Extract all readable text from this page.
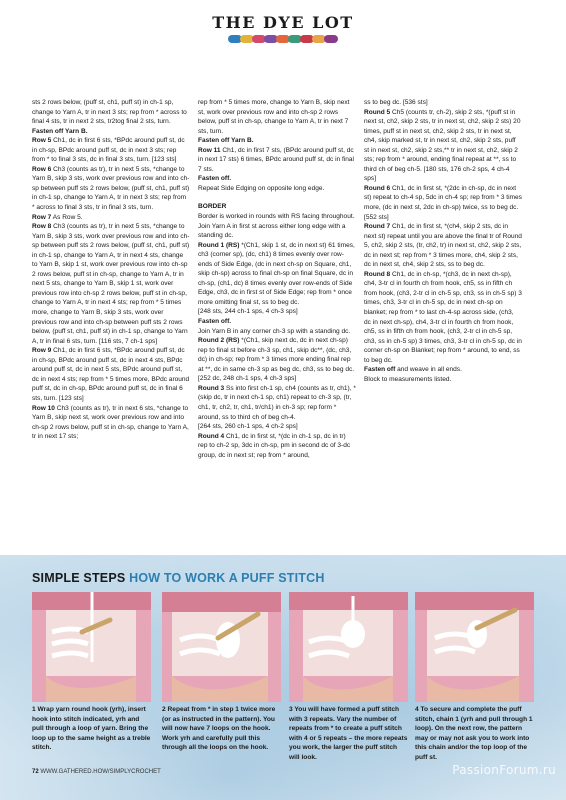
THE DYE LOT

sts 2 rows below, (puff st, ch1, puff st) in ch-1 sp, change to Yarn A, tr in next 3 sts; rep from * across to final 4 sts, tr in next 2 sts, tr2tog final 2 sts, turn.

Fasten off Yarn B.

Row 5 Ch1, dc in first 6 sts, *BPdc around puff st, dc in ch-sp, BPdc around puff st, dc in next 3 sts; rep from * to final 3 sts, dc in final 3 sts, turn. [123 sts]

Row 6 Ch3 (counts as tr), tr in next 5 sts, *change to Yarn B, skip 3 sts, work over previous row and into ch-sp between puff sts 2 rows below, (puff st, ch1, puff st) in ch-1 sp, change to Yarn A, tr in next 3 sts; rep from * across to final 3 sts, tr in final 3 sts, turn.

Row 7 As Row 5.

Row 8 Ch3 (counts as tr), tr in next 5 sts, *change to Yarn B, skip 3 sts, work over previous row and into ch-sp between puff sts 2 rows below, (puff st, ch1, puff st) in ch-1 sp, change to Yarn A, tr in next 4 sts, change to Yarn B, skip 1 st, work over previous row into ch-sp 2 rows below, puff st in ch-sp, change to Yarn A, tr in next 5 sts, change to Yarn B, skip 1 st, work over previous row into ch-sp 2 rows below, puff st in ch-sp, change to Yarn A, tr in next 4 sts; rep from * 5 times more, change to Yarn B, skip 3 sts, work over previous row and into ch-sp between puff sts 2 rows below, (puff st, ch1, puff st) in ch-1 sp, change to Yarn A, tr in final 6 sts, turn. [116 sts, 7 ch-1 sps]

Row 9 Ch1, dc in first 6 sts, *BPdc around puff st, dc in ch-sp, BPdc around puff st, dc in next 4 sts, BPdc around puff st, dc in next 5 sts, BPdc around puff st, dc in next 4 sts; rep from * 5 times more, BPdc around puff st, dc in ch-sp, BPdc around puff st, dc in final 6 sts, turn. [123 sts]

Row 10 Ch3 (counts as tr), tr in next 6 sts, *change to Yarn B, skip next st, work over previous row and into ch-sp 2 rows below, puff st in ch-sp, change to Yarn A, tr in next 17 sts;

rep from * 5 times more, change to Yarn B, skip next st, work over previous row and into ch-sp 2 rows below, puff st in ch-sp, change to Yarn A, tr in next 7 sts, turn.

Fasten off Yarn B.

Row 11 Ch1, dc in first 7 sts, (BPdc around puff st, dc in next 17 sts) 6 times, BPdc around puff st, dc in final 7 sts.

Fasten off.

Repeat Side Edging on opposite long edge.

BORDER

Border is worked in rounds with RS facing throughout.

Join Yarn A in first st across either long edge with a standing dc.

Round 1 (RS) *(Ch1, skip 1 st, dc in next st) 61 times, ch3 (corner sp), (dc, ch1) 8 times evenly over row-ends of Side Edge, (dc in next ch-sp on Square, ch1, skip ch-sp) across to final ch-sp on final Square, dc in ch-sp, (ch1, dc) 8 times evenly over row-ends of Side Edge, ch3, dc in first st of Side Edge; rep from * once more omitting final st, ss to beg dc.

[248 sts, 244 ch-1 sps, 4 ch-3 sps]

Fasten off.

Join Yarn B in any corner ch-3 sp with a standing dc.

Round 2 (RS) *(Ch1, skip next dc, dc in next ch-sp) rep to final st before ch-3 sp, ch1, skip dc**, (dc, ch3, dc) in ch-sp; rep from * 3 times more ending final rep at **, dc in same ch-3 sp as beg dc, ch3, ss to beg dc.

[252 dc, 248 ch-1 sps, 4 ch-3 sps]

Round 3 Ss into first ch-1 sp, ch4 (counts as tr, ch1), *(skip dc, tr in next ch-1 sp, ch1) repeat to ch-3 sp, (tr, ch1, tr, ch2, tr, ch1, tr/ch1) in ch-3 sp; rep form * around, ss to third ch of beg ch-4.

[264 sts, 260 ch-1 sps, 4 ch-2 sps]

Round 4 Ch1, dc in first st, *(dc in ch-1 sp, dc in tr) rep to ch-2 sp, 3dc in ch-sp, pm in second dc of 3-dc group, dc in next st; rep from * around,

ss to beg dc. [536 sts]

Round 5 Ch5 (counts tr, ch-2), skip 2 sts, *(puff st in next st, ch2, skip 2 sts, tr in next st, ch2, skip 2 sts) 20 times, puff st in next st, ch2, skip 2 sts, tr in next st, ch4, skip marked st, tr in next st, ch2, skip 2 sts, puff st in next st, ch2, skip 2 sts,** tr in next st, ch2, skip 2 sts; rep from * around, ending final repeat at **, ss to third ch of beg ch-5. [180 sts, 176 ch-2 sps, 4 ch-4 sps]

Round 6 Ch1, dc in first st, *(2dc in ch-sp, dc in next st) repeat to ch-4 sp, 5dc in ch-4 sp; rep from * 3 times more, (dc in next st, 2dc in ch-sp) twice, ss to beg dc. [552 sts]

Round 7 Ch1, dc in first st, *(ch4, skip 2 sts, dc in next st) repeat until you are above the final tr of Round 5, ch2, skip 2 sts, (tr, ch2, tr) in next st, ch2, skip 2 sts, dc in next st; rep from * 3 times more, ch4, skip 2 sts, dc in next st, ch4, skip 2 sts, ss to beg dc.

Round 8 Ch1, dc in ch-sp, *(ch3, dc in next ch-sp), ch4, 3-tr cl in fourth ch from hook, ch5, ss in fifth ch from hook, (ch3, 2-tr cl in ch-5 sp, ch3, ss in ch-5 sp) 3 times, ch3, 3-tr cl in ch-5 sp, dc in next ch-sp on blanket; rep from * to last ch-4-sp across side, (ch3, dc in next ch-sp), ch4, 3-tr cl in fourth ch from hook, ch5, ss in fifth ch from hook, (ch3, 2-tr cl in ch-5 sp, ch3, ss in ch-5 sp) 3 times, ch3, 3-tr cl in ch-5 sp, dc in corner ch-sp on Blanket; rep from * around, to end, ss to beg dc.

Fasten off and weave in all ends.

Block to measurements listed.

SIMPLE STEPS HOW TO WORK A PUFF STITCH
1 Wrap yarn round hook (yrh), insert hook into stitch indicated, yrh and pull through a loop of yarn. Bring the loop up to the same height as a treble stitch.
2 Repeat from * in step 1 twice more (or as instructed in the pattern). You will now have 7 loops on the hook. Work yrh and carefully pull this through all the loops on the hook.
3 You will have formed a puff stitch with 3 repeats. Vary the number of repeats from * to create a puff stitch with 4 or 5 repeats – the more repeats you work, the larger the puff stitch will look.
4 To secure and complete the puff stitch, chain 1 (yrh and pull through 1 loop). On the next row, the pattern may or may not ask you to work into this chain and/or the top loop of the puff st.
72 WWW.GATHERED.HOW/SIMPLYCROCHET	PassionForum.ru
